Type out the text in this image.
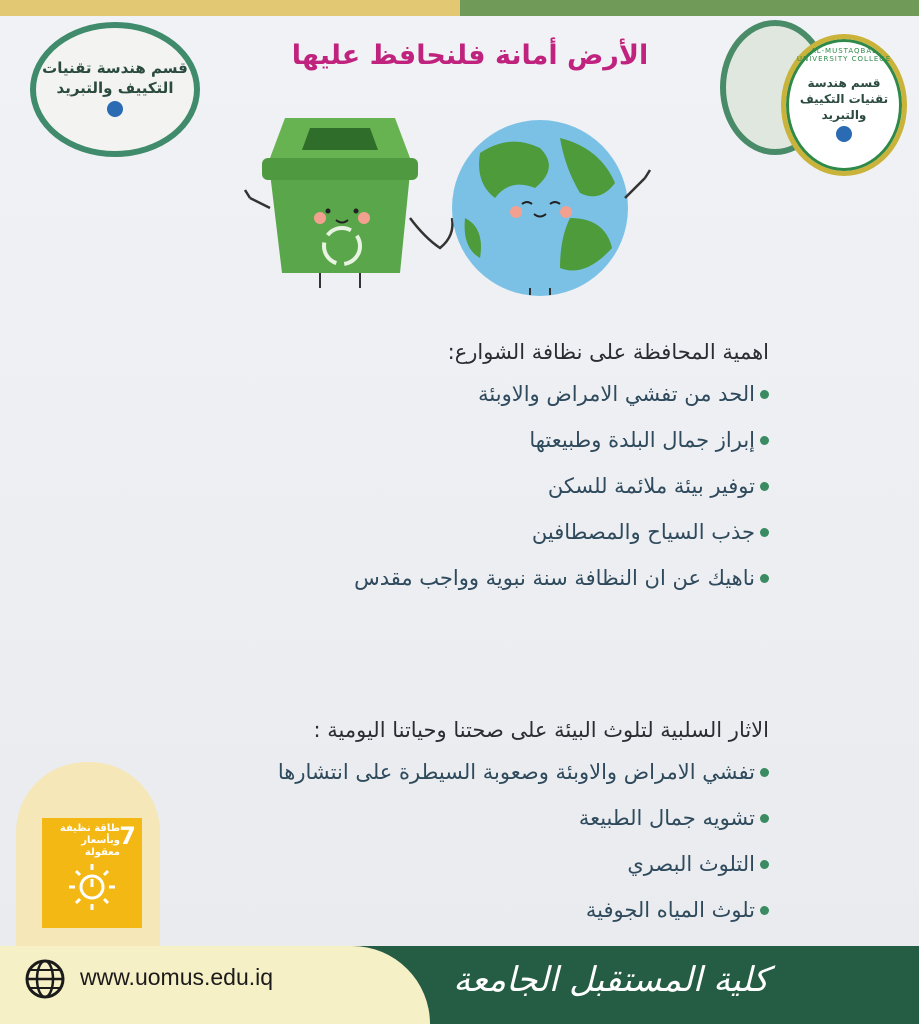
قسم هندسة تقنيات التكييف والتبريد
AL-MUSTAQBAL UNIVERSITY COLLEGE
قسم هندسة تقنيات التكييف والتبريد
الأرض أمانة فلنحافظ عليها
اهمية المحافظة على نظافة الشوارع:
الحد من تفشي الامراض والاوبئة
إبراز جمال البلدة وطبيعتها
توفير بيئة ملائمة للسكن
جذب السياح والمصطافين
ناهيك عن ان النظافة سنة نبوية وواجب مقدس
الاثار السلبية لتلوث البيئة على صحتنا وحياتنا اليومية :
تفشي الامراض والاوبئة وصعوبة السيطرة على انتشارها
تشويه جمال الطبيعة
التلوث البصري
تلوث المياه الجوفية
7
طاقة نظيفة وبأسعار معقولة
www.uomus.edu.iq	كلية المستقبل الجامعة
